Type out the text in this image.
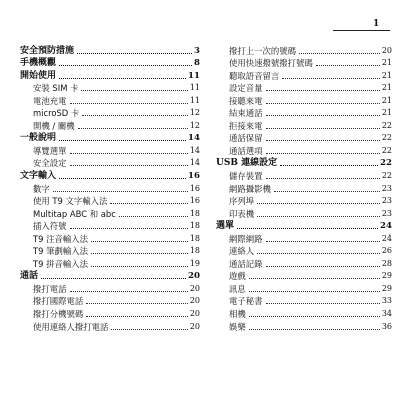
1
安全預防措施	3
手機概觀	8
開始使用	11
安裝 SIM 卡	11
電池充電	11
microSD 卡	12
開機 / 關機	12
一般說明	14
導覽選單	14
安全設定	14
文字輸入	16
數字	16
使用 T9 文字輸入法	16
Multitap ABC 和 abc	18
插入符號	18
T9 注音輸入法	18
T9 筆劃輸入法	18
T9 拼音輸入法	19
通話	20
撥打電話	20
撥打國際電話	20
撥打分機號碼	20
使用連絡人撥打電話	20
撥打上一次的號碼	20
使用快速撥號撥打號碼	21
聽取語音留言	21
設定音量	21
接聽來電	21
結束通話	21
拒接來電	22
通話保留	22
通話選項	22
USB 連線設定	22
儲存裝置	22
網路攝影機	23
序列埠	23
印表機	23
選單	24
網際網路	24
連絡人	26
通話記錄	28
遊戲	29
訊息	29
電子秘書	33
相機	34
娛樂	36
